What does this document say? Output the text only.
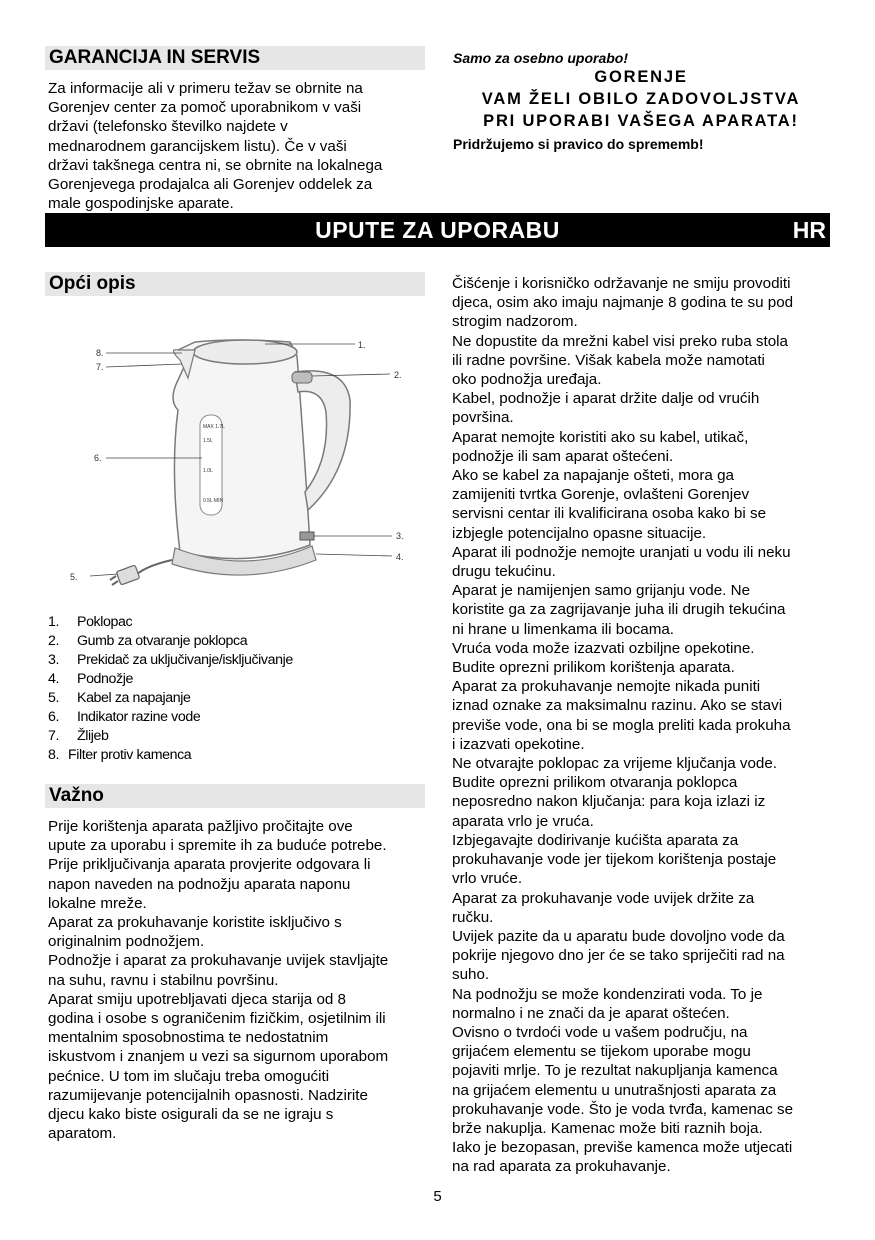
GARANCIJA IN SERVIS

Za informacije ali v primeru težav se obrnite na

Gorenjev center za pomoč uporabnikom v vaši

državi (telefonsko številko najdete v

mednarodnem garancijskem listu). Če v vaši

državi takšnega centra ni, se obrnite na lokalnega

Gorenjevega prodajalca ali Gorenjev oddelek za

male gospodinjske aparate.

Samo za osebno uporabo!
GORENJE
VAM ŽELI OBILO ZADOVOLJSTVA
PRI UPORABI VAŠEGA APARATA!
Pridržujemo si pravico do sprememb!
UPUTE ZA UPORABU	HR
Opći opis
MAX 1.7L
1.5L
1.0L
0.5L MIN
8.
7.
6.
5.
1.
2.
3.
4.
1.	Poklopac
2.	Gumb za otvaranje poklopca
3.	Prekidač za uključivanje/isključivanje
4.	Podnožje
5.	Kabel za napajanje
6.	Indikator razine vode
7.	Žlijeb
8. Filter protiv kamenca
Važno

Prije korištenja aparata pažljivo pročitajte ove

upute za uporabu i spremite ih za buduće potrebe.

Prije priključivanja aparata provjerite odgovara li

napon naveden na podnožju aparata naponu

lokalne mreže.

Aparat za prokuhavanje koristite isključivo s

originalnim podnožjem.

Podnožje i aparat za prokuhavanje uvijek stavljajte

na suhu, ravnu i stabilnu površinu.

Aparat smiju upotrebljavati djeca starija od 8

godina i osobe s ograničenim fizičkim, osjetilnim ili

mentalnim sposobnostima te nedostatnim

iskustvom i znanjem u vezi sa sigurnom uporabom

pećnice. U tom im slučaju treba omogućiti

razumijevanje potencijalnih opasnosti. Nadzirite

djecu kako biste osigurali da se ne igraju s

aparatom.

Čišćenje i korisničko održavanje ne smiju provoditi

djeca, osim ako imaju najmanje 8 godina te su pod

strogim nadzorom.

Ne dopustite da mrežni kabel visi preko ruba stola

ili radne površine. Višak kabela može namotati

oko podnožja uređaja.

Kabel, podnožje i aparat držite dalje od vrućih

površina.

Aparat nemojte koristiti ako su kabel, utikač,

podnožje ili sam aparat oštećeni.

Ako se kabel za napajanje ošteti, mora ga

zamijeniti tvrtka Gorenje, ovlašteni Gorenjev

servisni centar ili kvalificirana osoba kako bi se

izbjegle potencijalno opasne situacije.

Aparat ili podnožje nemojte uranjati u vodu ili neku

drugu tekućinu.

Aparat je namijenjen samo grijanju vode. Ne

koristite ga za zagrijavanje juha ili drugih tekućina

ni hrane u limenkama ili bocama.

Vruća voda može izazvati ozbiljne opekotine.

Budite oprezni prilikom korištenja aparata.

Aparat za prokuhavanje nemojte nikada puniti

iznad oznake za maksimalnu razinu. Ako se stavi

previše vode, ona bi se mogla preliti kada prokuha

i izazvati opekotine.

Ne otvarajte poklopac za vrijeme ključanja vode.

Budite oprezni prilikom otvaranja poklopca

neposredno nakon ključanja: para koja izlazi iz

aparata vrlo je vruća.

Izbjegavajte dodirivanje kućišta aparata za

prokuhavanje vode jer tijekom korištenja postaje

vrlo vruće.

Aparat za prokuhavanje vode uvijek držite za

ručku.

Uvijek pazite da u aparatu bude dovoljno vode da

pokrije njegovo dno jer će se tako spriječiti rad na

suho.

Na podnožju se može kondenzirati voda. To je

normalno i ne znači da je aparat oštećen.

Ovisno o tvrdoći vode u vašem području, na

grijaćem elementu se tijekom uporabe mogu

pojaviti mrlje. To je rezultat nakupljanja kamenca

na grijaćem elementu u unutrašnjosti aparata za

prokuhavanje vode. Što je voda tvrđa, kamenac se

brže nakuplja. Kamenac može biti raznih boja.

Iako je bezopasan, previše kamenca može utjecati

na rad aparata za prokuhavanje.

5
